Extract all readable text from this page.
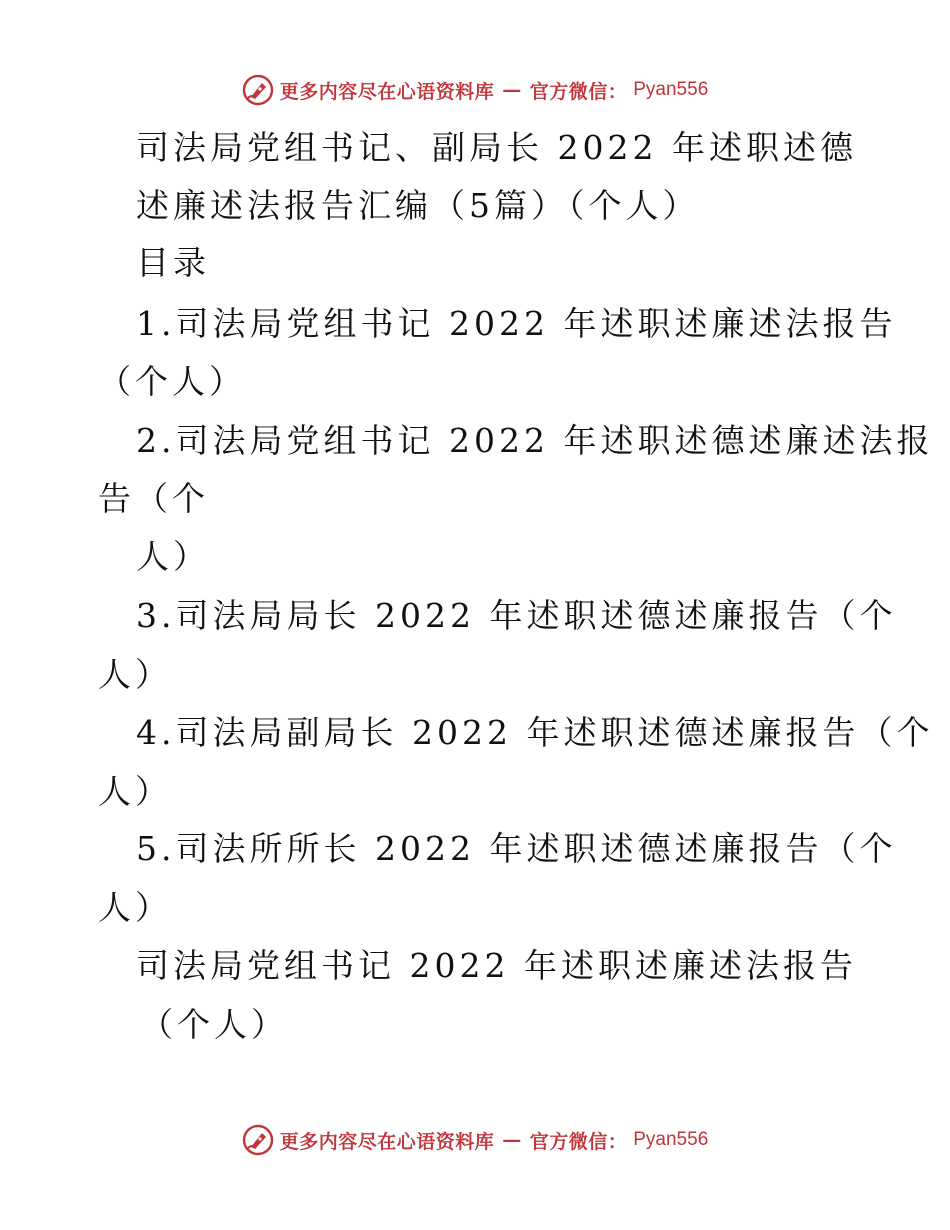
更多内容尽在心语资料库 — 官方微信： Pyan556
司法局党组书记、副局长 2022 年述职述德
述廉述法报告汇编（5篇）（个人）
目录
1.司法局党组书记 2022 年述职述廉述法报告
（个人）
2.司法局党组书记 2022 年述职述德述廉述法报
告（个
人）
3.司法局局长 2022 年述职述德述廉报告（个
人）
4.司法局副局长 2022 年述职述德述廉报告（个
人）
5.司法所所长 2022 年述职述德述廉报告（个
人）
司法局党组书记 2022 年述职述廉述法报告
（个人）
更多内容尽在心语资料库 — 官方微信： Pyan556
